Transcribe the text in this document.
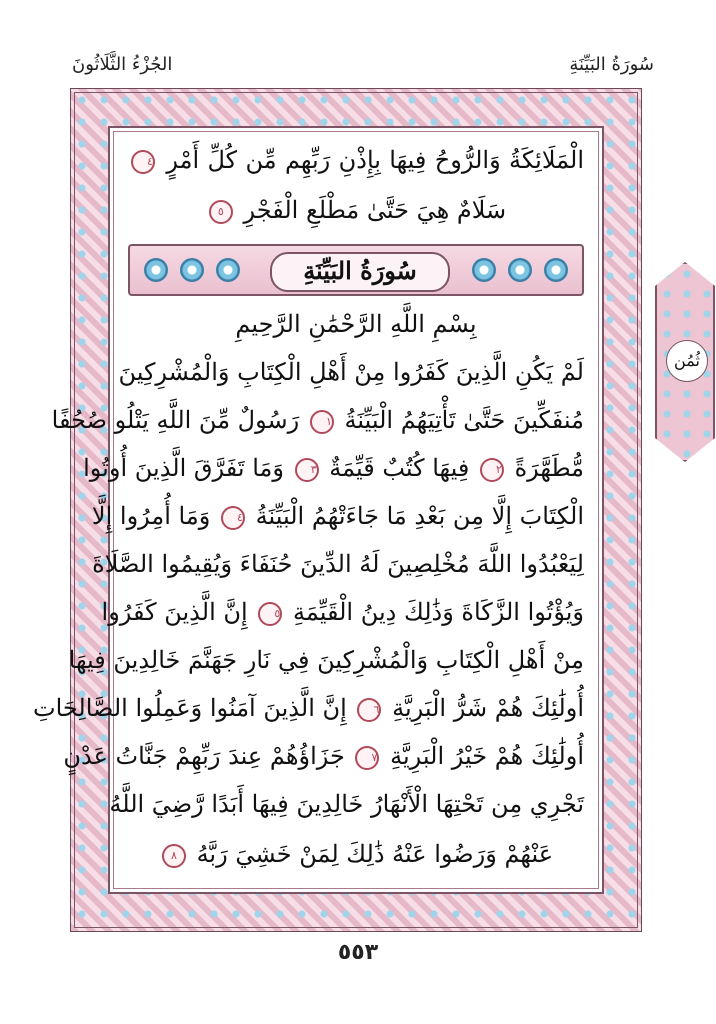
سُورَةُ البَيِّنَةِ
الجُزْءُ الثَّلَاثُونَ
الْمَلَائِكَةُ وَالرُّوحُ فِيهَا بِإِذْنِ رَبِّهِم مِّن كُلِّ أَمْرٍ ٤
سَلَامٌ هِيَ حَتَّىٰ مَطْلَعِ الْفَجْرِ ٥
سُورَةُ البَيِّنَةِ
بِسْمِ اللَّهِ الرَّحْمَٰنِ الرَّحِيمِ
لَمْ يَكُنِ الَّذِينَ كَفَرُوا مِنْ أَهْلِ الْكِتَابِ وَالْمُشْرِكِينَ
مُنفَكِّينَ حَتَّىٰ تَأْتِيَهُمُ الْبَيِّنَةُ ١ رَسُولٌ مِّنَ اللَّهِ يَتْلُو صُحُفًا
مُّطَهَّرَةً ٢ فِيهَا كُتُبٌ قَيِّمَةٌ ٣ وَمَا تَفَرَّقَ الَّذِينَ أُوتُوا
الْكِتَابَ إِلَّا مِن بَعْدِ مَا جَاءَتْهُمُ الْبَيِّنَةُ ٤ وَمَا أُمِرُوا إِلَّا
لِيَعْبُدُوا اللَّهَ مُخْلِصِينَ لَهُ الدِّينَ حُنَفَاءَ وَيُقِيمُوا الصَّلَاةَ
وَيُؤْتُوا الزَّكَاةَ وَذَٰلِكَ دِينُ الْقَيِّمَةِ ٥ إِنَّ الَّذِينَ كَفَرُوا
مِنْ أَهْلِ الْكِتَابِ وَالْمُشْرِكِينَ فِي نَارِ جَهَنَّمَ خَالِدِينَ فِيهَا
أُولَٰئِكَ هُمْ شَرُّ الْبَرِيَّةِ ٦ إِنَّ الَّذِينَ آمَنُوا وَعَمِلُوا الصَّالِحَاتِ
أُولَٰئِكَ هُمْ خَيْرُ الْبَرِيَّةِ ٧ جَزَاؤُهُمْ عِندَ رَبِّهِمْ جَنَّاتُ عَدْنٍ
تَجْرِي مِن تَحْتِهَا الْأَنْهَارُ خَالِدِينَ فِيهَا أَبَدًا رَّضِيَ اللَّهُ
عَنْهُمْ وَرَضُوا عَنْهُ ذَٰلِكَ لِمَنْ خَشِيَ رَبَّهُ ٨
ثُمُن
٥٥٣
